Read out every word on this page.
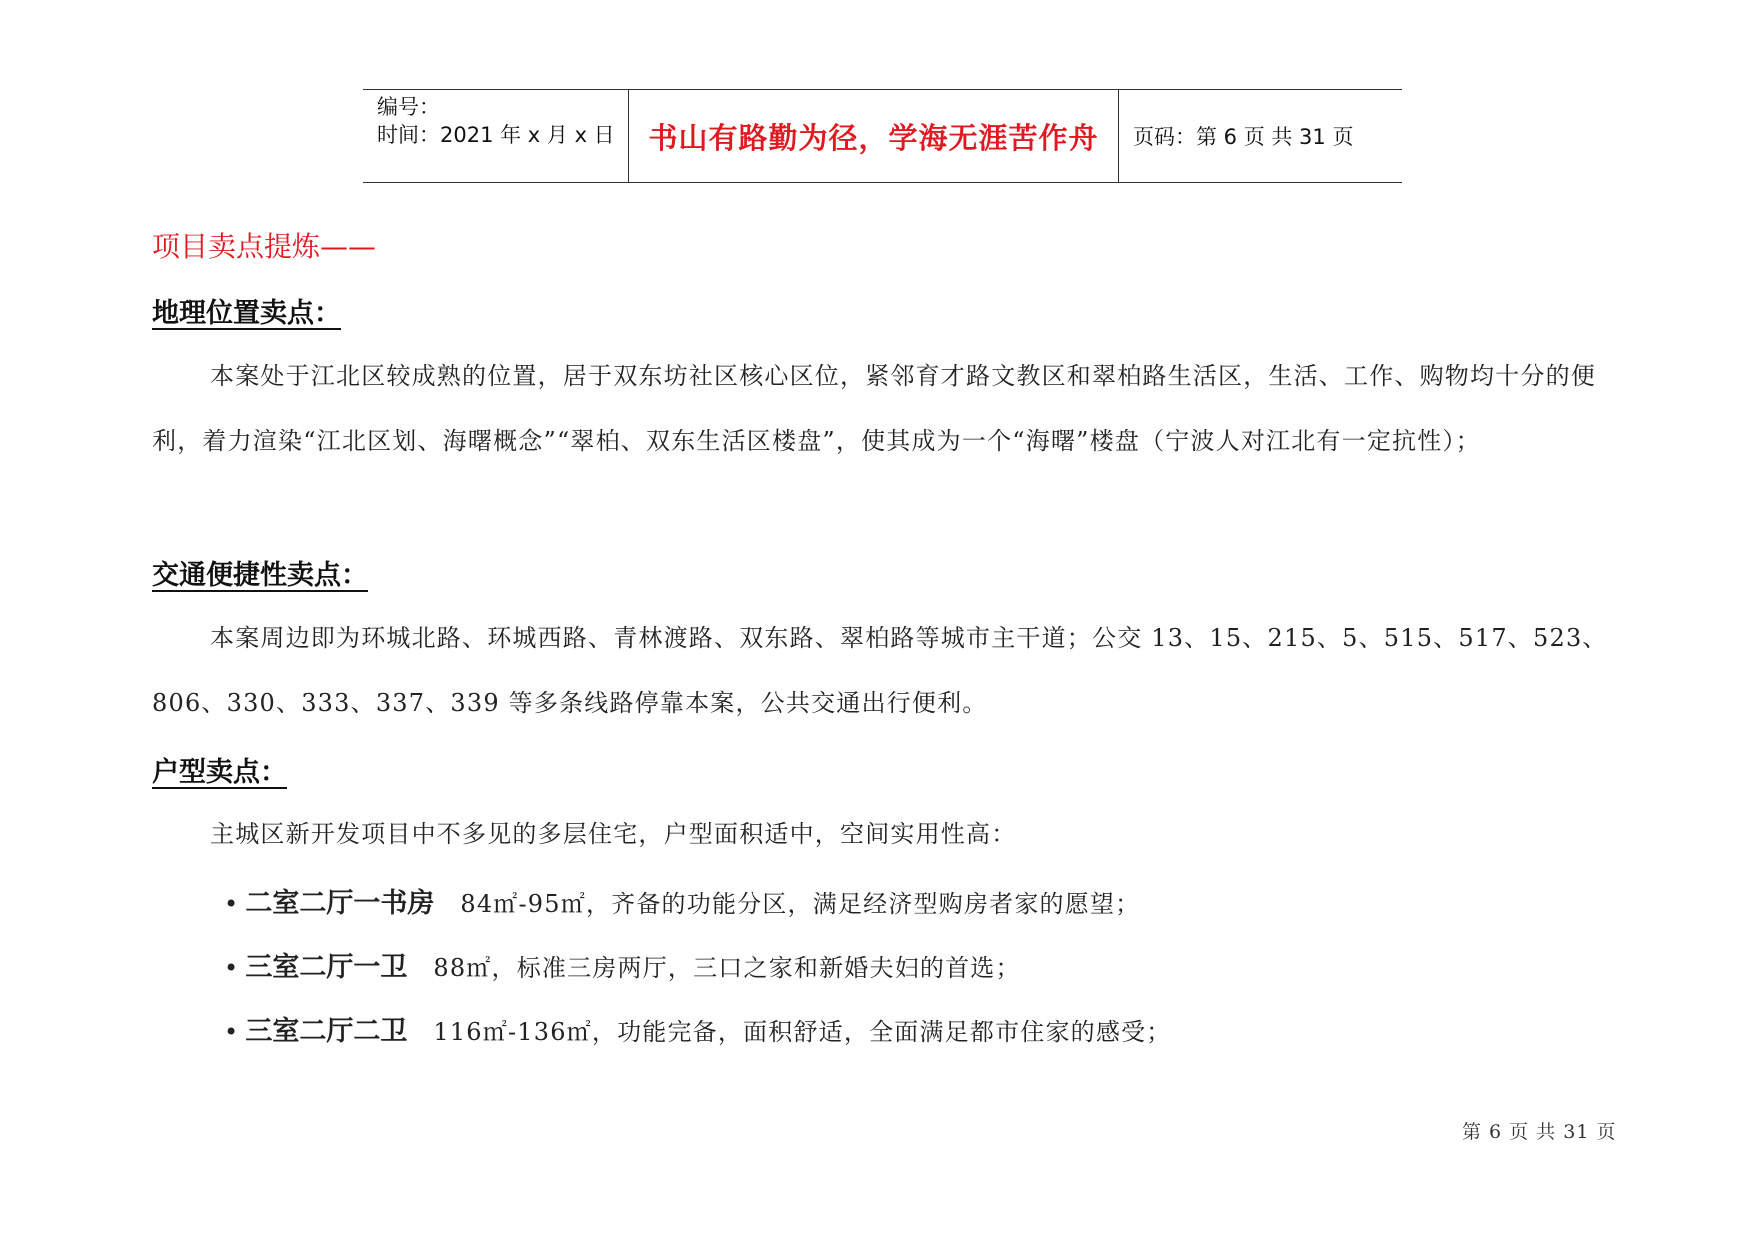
编号：
时间：2021 年 x 月 x 日	书山有路勤为径，学海无涯苦作舟 页码：第 6 页 共 31 页
项目卖点提炼——
地理位置卖点：
本案处于江北区较成熟的位置，居于双东坊社区核心区位，紧邻育才路文教区和翠柏路生活区，生活、工作、购物均十分的便利，着力渲染“江北区划、海曙概念”“翠柏、双东生活区楼盘”，使其成为一个“海曙”楼盘（宁波人对江北有一定抗性）；
交通便捷性卖点：
本案周边即为环城北路、环城西路、青林渡路、双东路、翠柏路等城市主干道；公交 13、15、215、5、515、517、523、806、330、333、337、339 等多条线路停靠本案，公共交通出行便利。
户型卖点：
主城区新开发项目中不多见的多层住宅，户型面积适中，空间实用性高：
• 二室二厅一书房 84㎡-95㎡，齐备的功能分区，满足经济型购房者家的愿望；
• 三室二厅一卫 88㎡，标准三房两厅，三口之家和新婚夫妇的首选；
• 三室二厅二卫 116㎡-136㎡，功能完备，面积舒适，全面满足都市住家的感受；
第 6 页 共 31 页
